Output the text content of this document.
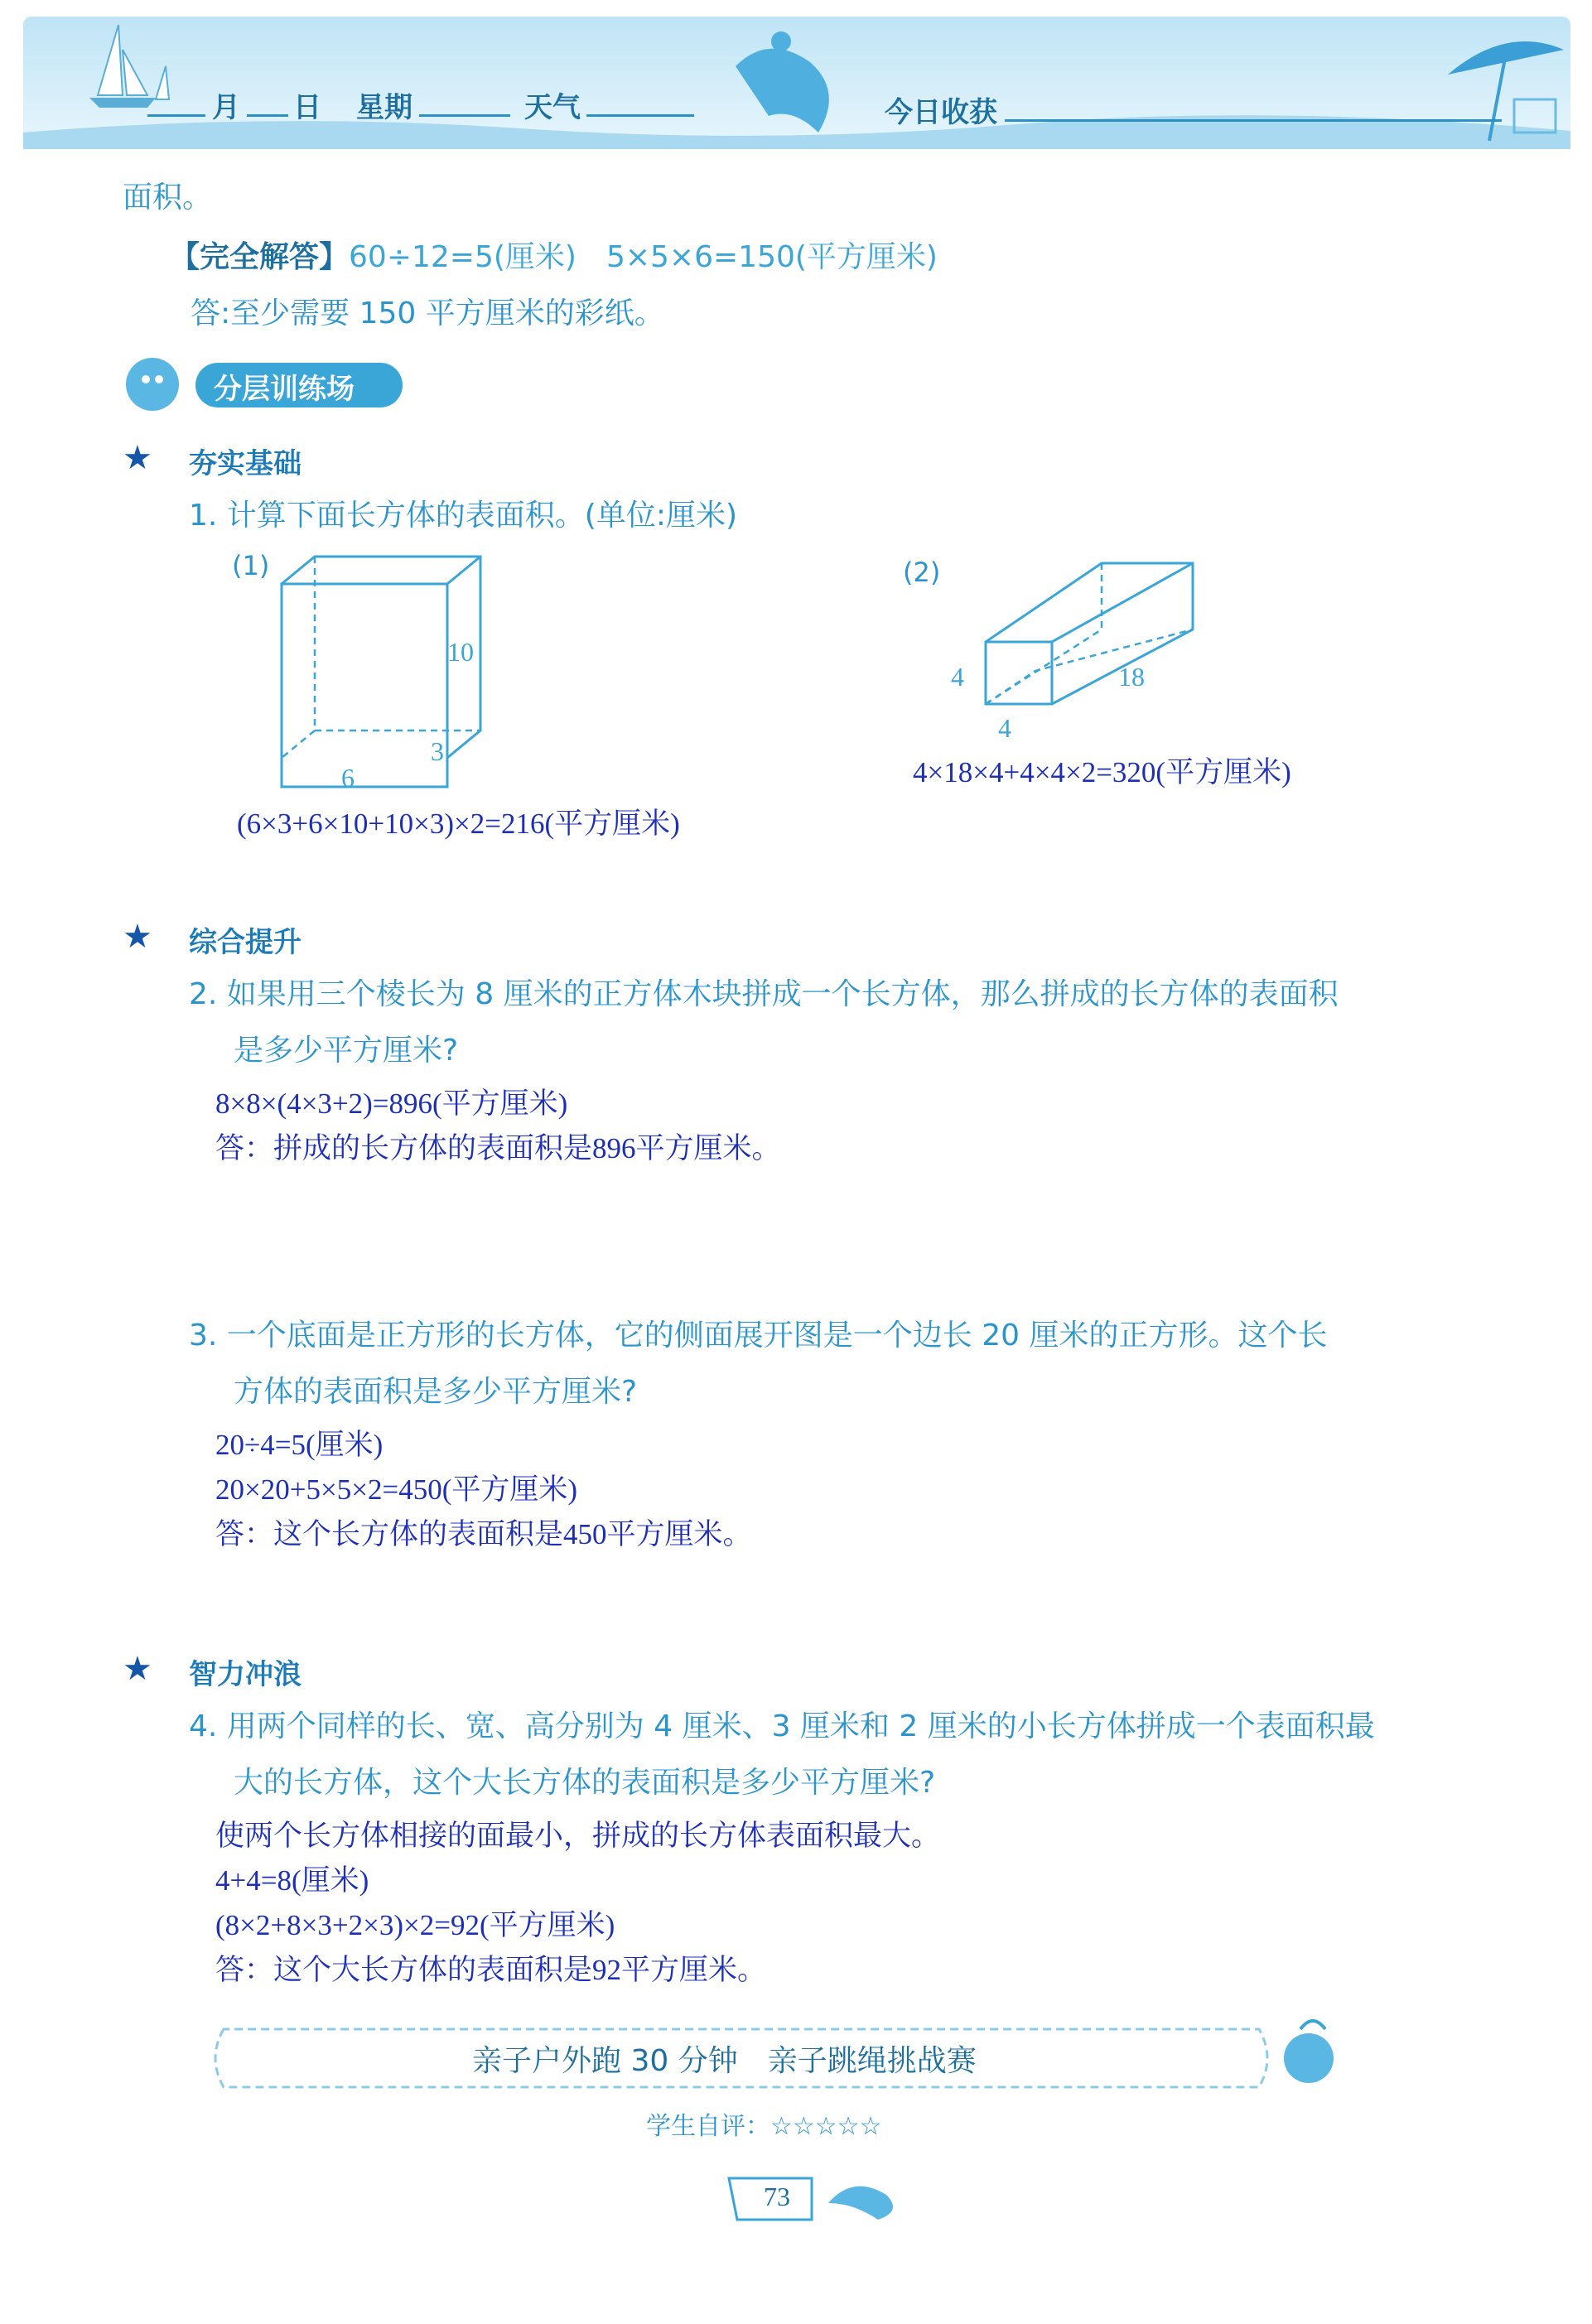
月 日 星期	天气	今日收获
面积。
【完全解答】60÷12=5(厘米)　5×5×6=150(平方厘米)
答:至少需要 150 平方厘米的彩纸。
分层训练场
★ 夯实基础
1. 计算下面长方体的表面积。(单位:厘米)
(1)
10
6
3
(2)
4
4
18
4×18×4+4×4×2=320(平方厘米)
(6×3+6×10+10×3)×2=216(平方厘米)
★ 综合提升
2. 如果用三个棱长为 8 厘米的正方体木块拼成一个长方体，那么拼成的长方体的表面积
是多少平方厘米?
8×8×(4×3+2)=896(平方厘米)
答：拼成的长方体的表面积是896平方厘米。
3. 一个底面是正方形的长方体，它的侧面展开图是一个边长 20 厘米的正方形。这个长
方体的表面积是多少平方厘米?
20÷4=5(厘米)
20×20+5×5×2=450(平方厘米)
答：这个长方体的表面积是450平方厘米。
★ 智力冲浪
4. 用两个同样的长、宽、高分别为 4 厘米、3 厘米和 2 厘米的小长方体拼成一个表面积最
大的长方体，这个大长方体的表面积是多少平方厘米?
使两个长方体相接的面最小，拼成的长方体表面积最大。
4+4=8(厘米)
(8×2+8×3+2×3)×2=92(平方厘米)
答：这个大长方体的表面积是92平方厘米。
亲子户外跑 30 分钟　亲子跳绳挑战赛
学生自评：☆☆☆☆☆
73
